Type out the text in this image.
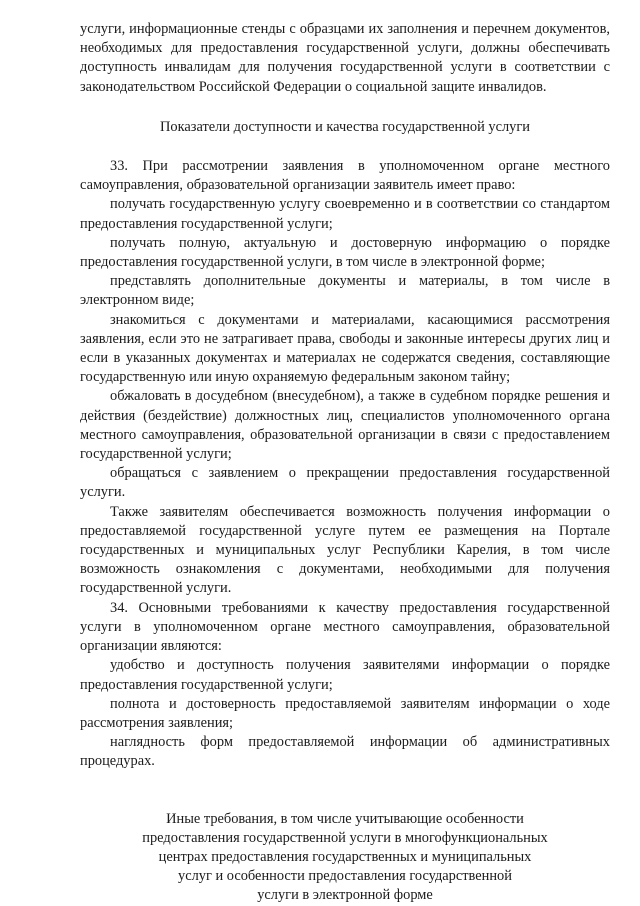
услуги, информационные стенды с образцами их заполнения и перечнем документов, необходимых для предоставления государственной услуги, должны обеспечивать доступность инвалидам для получения государственной услуги в соответствии с законодательством Российской Федерации о социальной защите инвалидов.

Показатели доступности и качества государственной услуги

33. При рассмотрении заявления в уполномоченном органе местного самоуправления, образовательной организации заявитель имеет право:

получать государственную услугу своевременно и в соответствии со стандартом предоставления государственной услуги;

получать полную, актуальную и достоверную информацию о порядке предоставления государственной услуги, в том числе в электронной форме;

представлять дополнительные документы и материалы, в том числе в электронном виде;

знакомиться с документами и материалами, касающимися рассмотрения заявления, если это не затрагивает права, свободы и законные интересы других лиц и если в указанных документах и материалах не содержатся сведения, составляющие государственную или иную охраняемую федеральным законом тайну;

обжаловать в досудебном (внесудебном), а также в судебном порядке решения и действия (бездействие) должностных лиц, специалистов уполномоченного органа местного самоуправления, образовательной организации в связи с предоставлением государственной услуги;

обращаться с заявлением о прекращении предоставления государственной услуги.

Также заявителям обеспечивается возможность получения информации о предоставляемой государственной услуге путем ее размещения на Портале государственных и муниципальных услуг Республики Карелия, в том числе возможность ознакомления с документами, необходимыми для получения государственной услуги.

34. Основными требованиями к качеству предоставления государственной услуги в уполномоченном органе местного самоуправления, образовательной организации являются:

удобство и доступность получения заявителями информации о порядке предоставления государственной услуги;

полнота и достоверность предоставляемой заявителям информации о ходе рассмотрения заявления;

наглядность форм предоставляемой информации об административных процедурах.

Иные требования, в том числе учитывающие особенности
предоставления государственной услуги в многофункциональных
центрах предоставления государственных и муниципальных
услуг и особенности предоставления государственной
услуги в электронной форме
